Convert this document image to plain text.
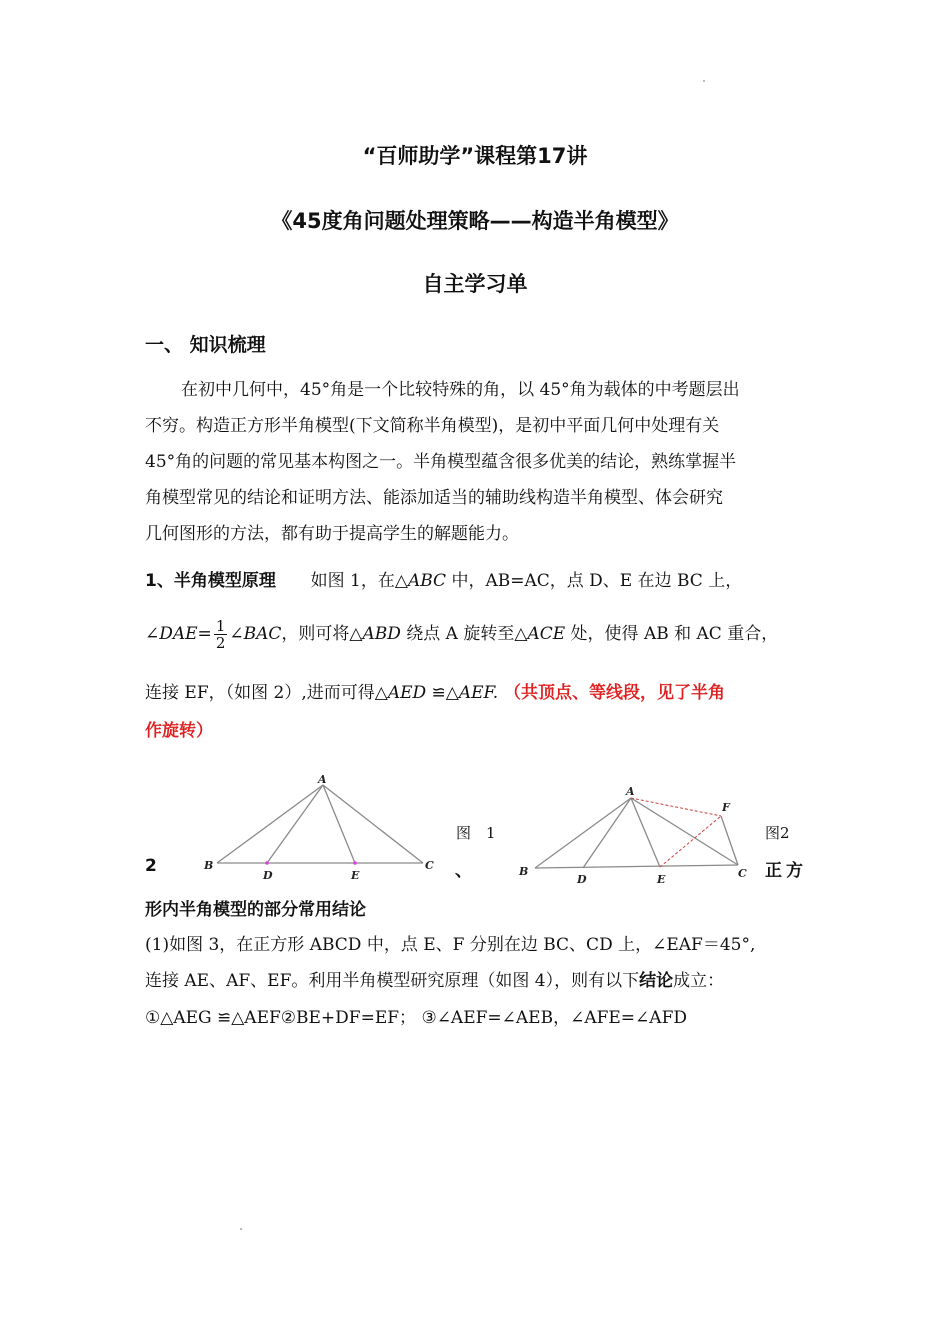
“百师助学”课程第17讲
《45度角问题处理策略——构造半角模型》
自主学习单
一、 知识梳理
在初中几何中，45°角是一个比较特殊的角，以 45°角为载体的中考题层出
不穷。构造正方形半角模型(下文简称半角模型)，是初中平面几何中处理有关
45°角的问题的常见基本构图之一。半角模型蕴含很多优美的结论，熟练掌握半
角模型常见的结论和证明方法、能添加适当的辅助线构造半角模型、体会研究
几何图形的方法，都有助于提高学生的解题能力。
1、半角模型原理 如图 1，在△ABC 中，AB=AC，点 D、E 在边 BC 上，
∠DAE= $\frac{1}{2}$ ∠BAC，则可将△ABD 绕点 A 旋转至△ACE 处，使得 AB 和 AC 重合，
连接 EF，（如图 2）,进而可得△AED ≌△AEF. （共顶点、等线段，见了半角
作旋转）
A
B
D	E
C
图　1
A
F
B
D	E	C
图2
2	、	正方
形内半角模型的部分常用结论
(1)如图 3，在正方形 ABCD 中，点 E、F 分别在边 BC、CD 上，∠EAF＝45°,
连接 AE、AF、EF。利用半角模型研究原理（如图 4），则有以下结论成立：
①△AEG ≌△AEF②BE+DF=EF； ③∠AEF=∠AEB，∠AFE=∠AFD
